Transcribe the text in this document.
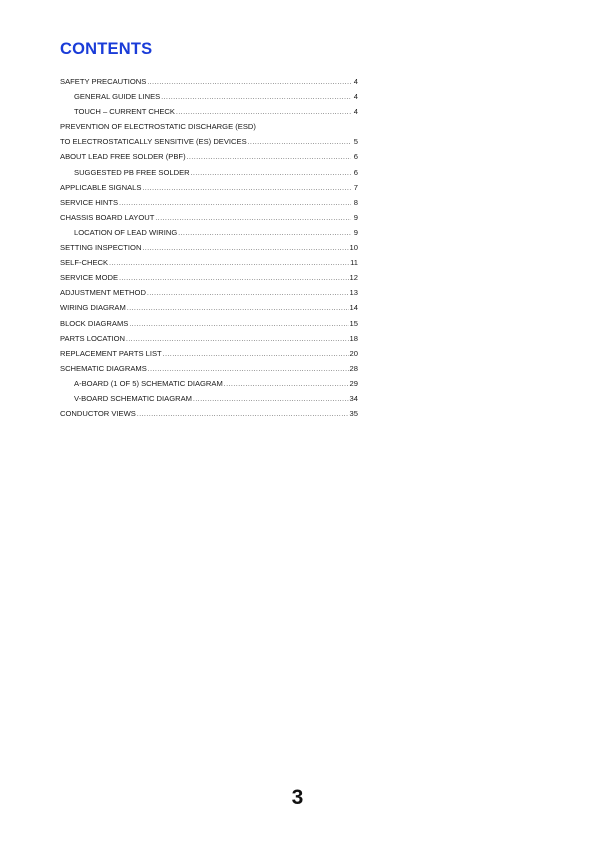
CONTENTS
SAFETY PRECAUTIONS .....	4
GENERAL GUIDE LINES .....	4
TOUCH – CURRENT CHECK .....	4
PREVENTION OF ELECTROSTATIC DISCHARGE (ESD)
TO ELECTROSTATICALLY SENSITIVE (ES) DEVICES .....	5
ABOUT LEAD FREE SOLDER (PBF) .....	6
SUGGESTED PB FREE SOLDER .....	6
APPLICABLE SIGNALS .....	7
SERVICE HINTS .....	8
CHASSIS BOARD LAYOUT .....	9
LOCATION OF LEAD WIRING .....	9
SETTING INSPECTION .....	10
SELF-CHECK .....	11
SERVICE MODE .....	12
ADJUSTMENT METHOD .....	13
WIRING DIAGRAM .....	14
BLOCK DIAGRAMS .....	15
PARTS LOCATION .....	18
REPLACEMENT PARTS LIST .....	20
SCHEMATIC DIAGRAMS .....	28
A-BOARD (1 OF 5) SCHEMATIC DIAGRAM .....	29
V-BOARD SCHEMATIC DIAGRAM .....	34
CONDUCTOR VIEWS .....	35
3
